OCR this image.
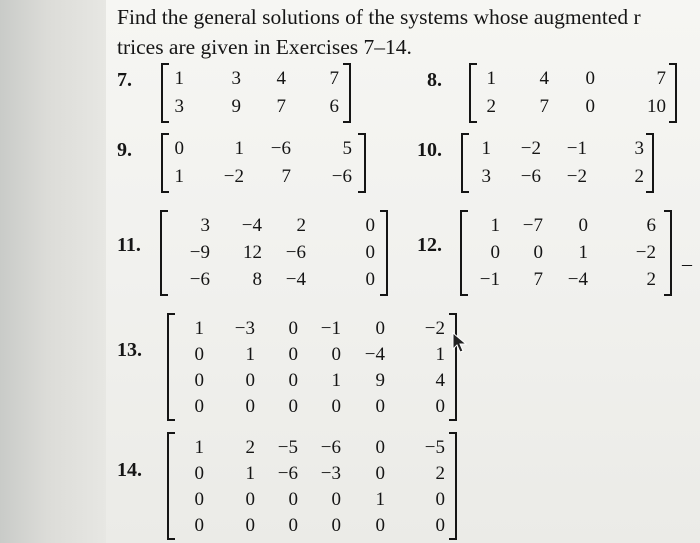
Find the general solutions of the systems whose augmented r
trices are given in Exercises 7–14.
7. 1	3 4 7
3	9 7 6
8. 1 4 0	7
2 7 0	10
9. 0	1 −6	5
1 −2 7 −6
10. 1 −2 −1	3
3 −6 −2	2
11.
3 −4 2	0
−9 12 −6	0
−6 8 −4	0
12.
1 −7 0	6
0 0 1	−2
−1 7 −4	2
13.
1 −3 0 −1 0 −2
0 1 0 0 −4	1
0 0 0 1 9	4
0 0 0 0 0	0
14.
1 2 −5 −6 0 −5
0 1 −6 −3 0	2
0 0 0 0 1	0
0 0 0 0 0	0
–
